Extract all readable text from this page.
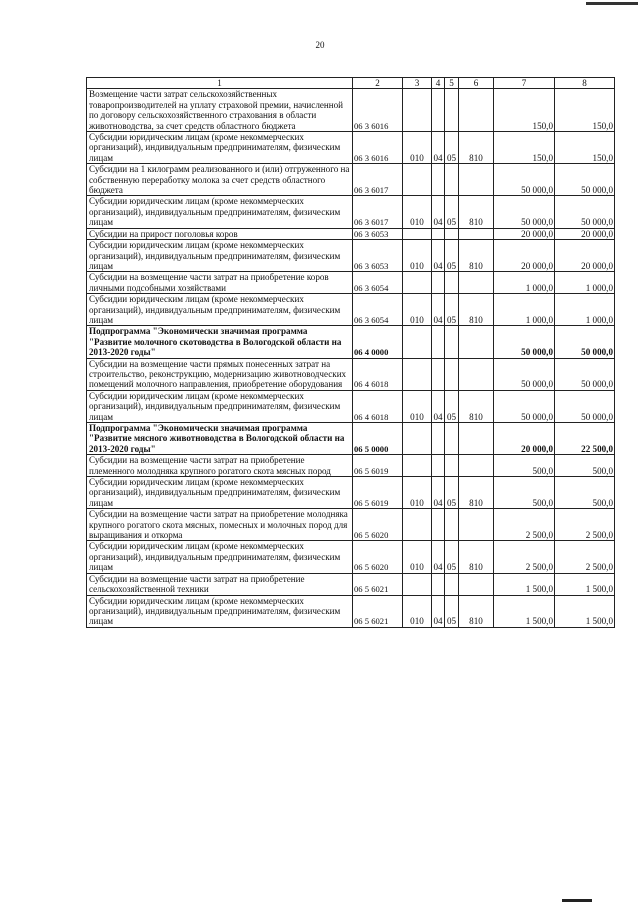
20
1	2	3	4	5	6	7	8
Возмещение части затрат сельскохозяйственных товаропроизводителей на уплату страховой премии, начисленной по договору сельскохозяйственного страхования в области животноводства, за счет средств областного бюджета	06 3 6016					150,0	150,0
Субсидии юридическим лицам (кроме некоммерческих организаций), индивидуальным предпринимателям, физическим лицам	06 3 6016	010	04	05	810	150,0	150,0
Субсидии на 1 килограмм реализованного и (или) отгруженного на собственную переработку молока за счет средств областного бюджета	06 3 6017					50 000,0	50 000,0
Субсидии юридическим лицам (кроме некоммерческих организаций), индивидуальным предпринимателям, физическим лицам	06 3 6017	010	04	05	810	50 000,0	50 000,0
Субсидии на прирост поголовья коров	06 3 6053					20 000,0	20 000,0
Субсидии юридическим лицам (кроме некоммерческих организаций), индивидуальным предпринимателям, физическим лицам	06 3 6053	010	04	05	810	20 000,0	20 000,0
Субсидии на возмещение части затрат на приобретение коров личными подсобными хозяйствами	06 3 6054					1 000,0	1 000,0
Субсидии юридическим лицам (кроме некоммерческих организаций), индивидуальным предпринимателям, физическим лицам	06 3 6054	010	04	05	810	1 000,0	1 000,0
Подпрограмма "Экономически значимая программа "Развитие молочного скотоводства в Вологодской области на 2013-2020 годы"	06 4 0000					50 000,0	50 000,0
Субсидии на возмещение части прямых понесенных затрат на строительство, реконструкцию, модернизацию животноводческих помещений молочного направления, приобретение оборудования	06 4 6018					50 000,0	50 000,0
Субсидии юридическим лицам (кроме некоммерческих организаций), индивидуальным предпринимателям, физическим лицам	06 4 6018	010	04	05	810	50 000,0	50 000,0
Подпрограмма "Экономически значимая программа "Развитие мясного животноводства в Вологодской области на 2013-2020 годы"	06 5 0000					20 000,0	22 500,0
Субсидии на возмещение части затрат на приобретение племенного молодняка крупного рогатого скота мясных пород	06 5 6019					500,0	500,0
Субсидии юридическим лицам (кроме некоммерческих организаций), индивидуальным предпринимателям, физическим лицам	06 5 6019	010	04	05	810	500,0	500,0
Субсидии на возмещение части затрат на приобретение молодняка крупного рогатого скота мясных, помесных и молочных пород для выращивания и откорма	06 5 6020					2 500,0	2 500,0
Субсидии юридическим лицам (кроме некоммерческих организаций), индивидуальным предпринимателям, физическим лицам	06 5 6020	010	04	05	810	2 500,0	2 500,0
Субсидии на возмещение части затрат на приобретение сельскохозяйственной техники	06 5 6021					1 500,0	1 500,0
Субсидии юридическим лицам (кроме некоммерческих организаций), индивидуальным предпринимателям, физическим лицам	06 5 6021	010	04	05	810	1 500,0	1 500,0
